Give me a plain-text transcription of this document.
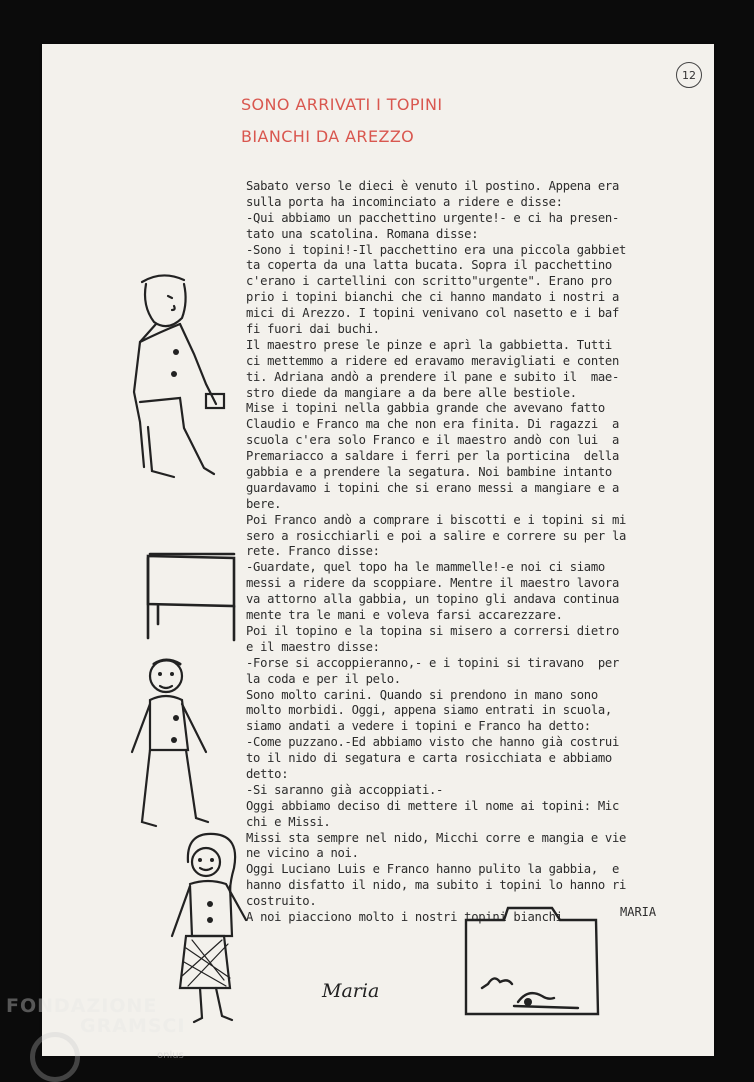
12
SONO ARRIVATI I TOPINI
BIANCHI DA AREZZO
Sabato verso le dieci è venuto il postino. Appena era
sulla porta ha incominciato a ridere e disse:
-Qui abbiamo un pacchettino urgente!- e ci ha presen-
tato una scatolina. Romana disse:
-Sono i topini!-Il pacchettino era una piccola gabbiet
ta coperta da una latta bucata. Sopra il pacchettino
c'erano i cartellini con scritto"urgente". Erano pro
prio i topini bianchi che ci hanno mandato i nostri a
mici di Arezzo. I topini venivano col nasetto e i baf
fi fuori dai buchi.
Il maestro prese le pinze e aprì la gabbietta. Tutti
ci mettemmo a ridere ed eravamo meravigliati e conten
ti. Adriana andò a prendere il pane e subito il  mae-
stro diede da mangiare a da bere alle bestiole.
Mise i topini nella gabbia grande che avevano fatto
Claudio e Franco ma che non era finita. Di ragazzi  a
scuola c'era solo Franco e il maestro andò con lui  a
Premariacco a saldare i ferri per la porticina  della
gabbia e a prendere la segatura. Noi bambine intanto
guardavamo i topini che si erano messi a mangiare e a
bere.
Poi Franco andò a comprare i biscotti e i topini si mi
sero a rosicchiarli e poi a salire e correre su per la
rete. Franco disse:
-Guardate, quel topo ha le mammelle!-e noi ci siamo
messi a ridere da scoppiare. Mentre il maestro lavora
va attorno alla gabbia, un topino gli andava continua
mente tra le mani e voleva farsi accarezzare.
Poi il topino e la topina si misero a corrersi dietro
e il maestro disse:
-Forse si accoppieranno,- e i topini si tiravano  per
la coda e per il pelo.
Sono molto carini. Quando si prendono in mano sono
molto morbidi. Oggi, appena siamo entrati in scuola,
siamo andati a vedere i topini e Franco ha detto:
-Come puzzano.-Ed abbiamo visto che hanno già costrui
to il nido di segatura e carta rosicchiata e abbiamo
detto:
-Si saranno già accoppiati.-
Oggi abbiamo deciso di mettere il nome ai topini: Mic
chi e Missi.
Missi sta sempre nel nido, Micchi corre e mangia e vie
ne vicino a noi.
Oggi Luciano Luis e Franco hanno pulito la gabbia,  e
hanno disfatto il nido, ma subito i topini lo hanno ri
costruito.
A noi piacciono molto i nostri topini bianchi.	MARIA
Maria
FONDAZIONE
GRAMSCI
onlus
